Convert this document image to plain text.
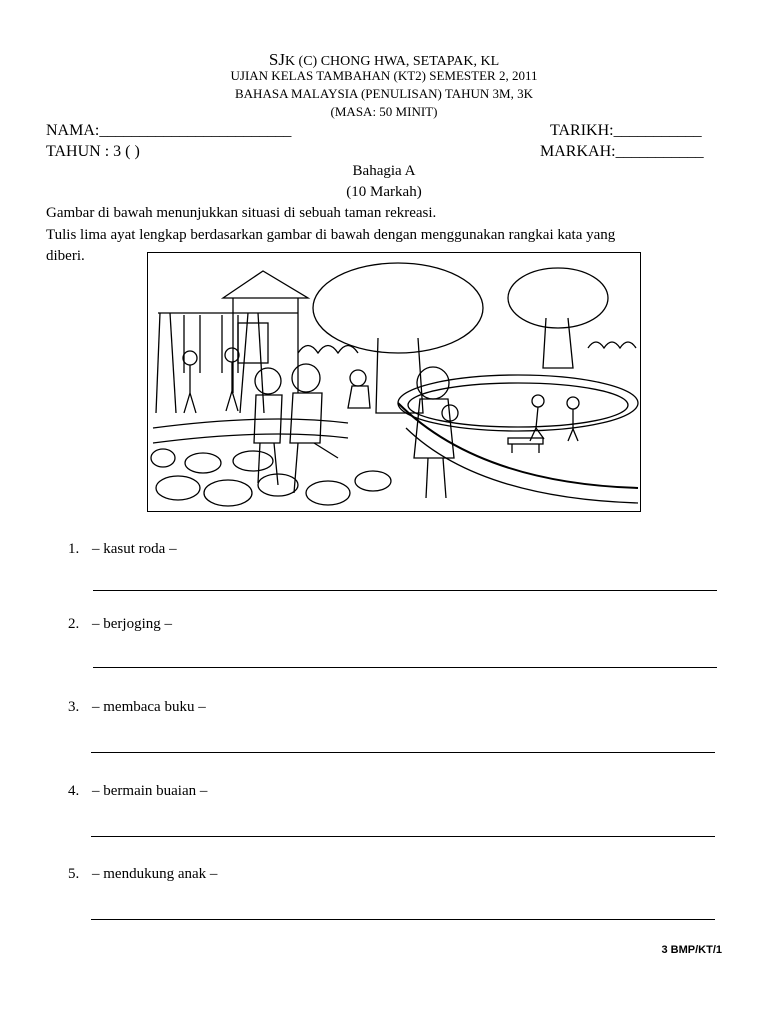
SJK (C) CHONG HWA, SETAPAK, KL
UJIAN KELAS TAMBAHAN (KT2) SEMESTER 2, 2011
BAHASA MALAYSIA (PENULISAN) TAHUN 3M, 3K
(MASA: 50 MINIT)
NAMA:________________________	TARIKH:___________
TAHUN : 3 ( )	MARKAH:___________
Bahagia A
(10 Markah)
Gambar di bawah menunjukkan situasi di sebuah taman rekreasi.
Tulis lima ayat lengkap berdasarkan gambar di bawah dengan menggunakan rangkai kata yang
diberi.
1. – kasut roda –
2. – berjoging –
3. – membaca buku –
4. – bermain buaian –
5. – mendukung anak –
3 BMP/KT/1
